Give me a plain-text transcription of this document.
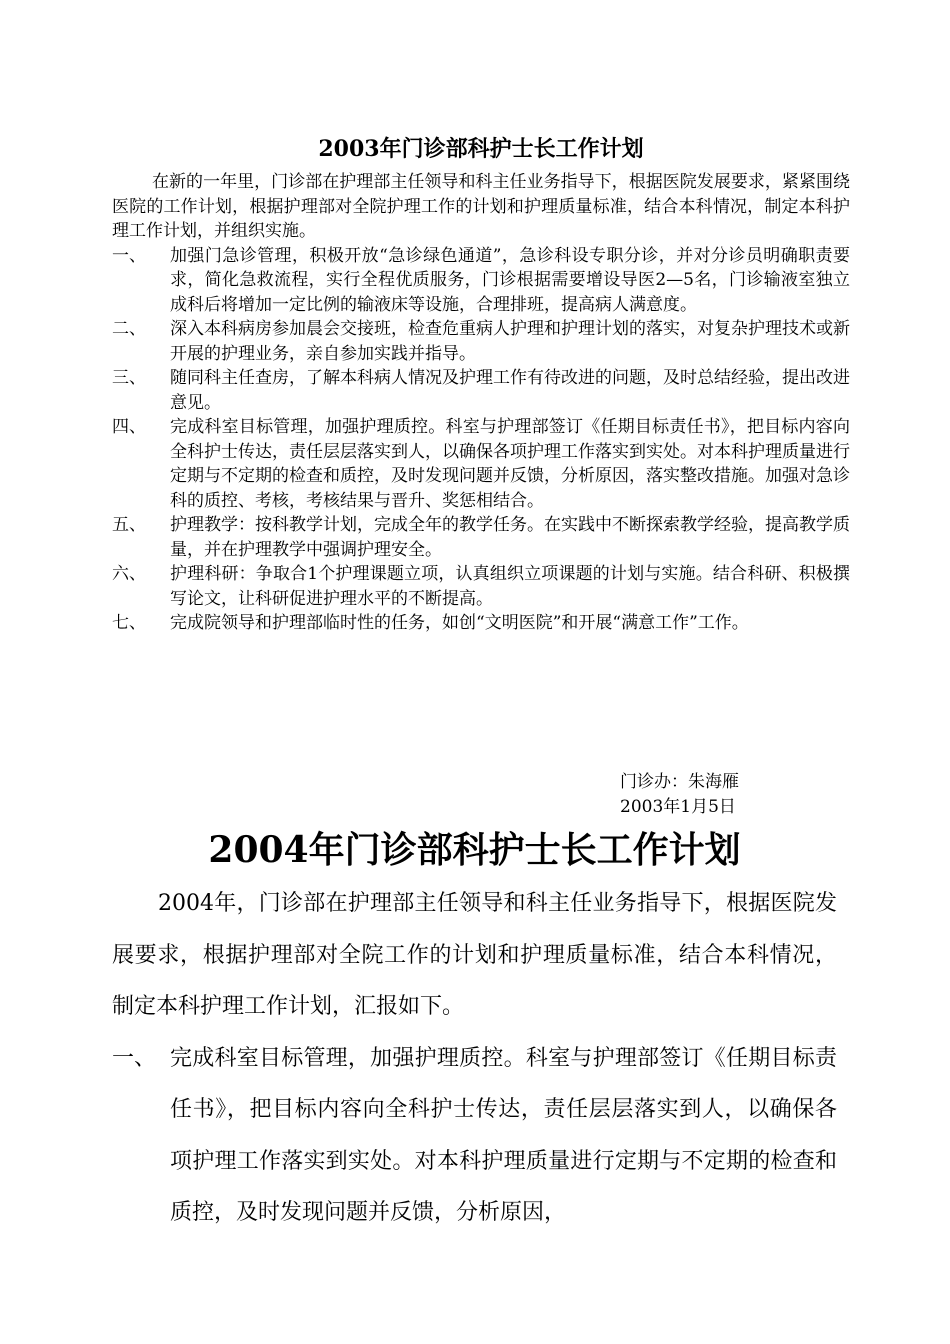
2003年门诊部科护士长工作计划

在新的一年里，门诊部在护理部主任领导和科主任业务指导下，根据医院发展要求，紧紧围绕医院的工作计划，根据护理部对全院护理工作的计划和护理质量标准，结合本科情况，制定本科护理工作计划，并组织实施。

一、	加强门急诊管理，积极开放“急诊绿色通道”，急诊科设专职分诊，并对分诊员明确职责要求，简化急救流程，实行全程优质服务，门诊根据需要增设导医2—5名，门诊输液室独立成科后将增加一定比例的输液床等设施，合理排班，提高病人满意度。
二、	深入本科病房参加晨会交接班，检查危重病人护理和护理计划的落实，对复杂护理技术或新开展的护理业务，亲自参加实践并指导。
三、	随同科主任查房，了解本科病人情况及护理工作有待改进的问题，及时总结经验，提出改进意见。
四、	完成科室目标管理，加强护理质控。科室与护理部签订《任期目标责任书》，把目标内容向全科护士传达，责任层层落实到人，以确保各项护理工作落实到实处。对本科护理质量进行定期与不定期的检查和质控，及时发现问题并反馈，分析原因，落实整改措施。加强对急诊科的质控、考核，考核结果与晋升、奖惩相结合。
五、	护理教学：按科教学计划，完成全年的教学任务。在实践中不断探索教学经验，提高教学质量，并在护理教学中强调护理安全。
六、	护理科研：争取合1个护理课题立项，认真组织立项课题的计划与实施。结合科研、积极撰写论文，让科研促进护理水平的不断提高。
七、	完成院领导和护理部临时性的任务，如创“文明医院”和开展“满意工作”工作。
门诊办：朱海雁
2003年1月5日
2004年门诊部科护士长工作计划

2004年，门诊部在护理部主任领导和科主任业务指导下，根据医院发展要求，根据护理部对全院工作的计划和护理质量标准，结合本科情况，制定本科护理工作计划，汇报如下。

一、 完成科室目标管理，加强护理质控。科室与护理部签订《任期目标责任书》，把目标内容向全科护士传达，责任层层落实到人，以确保各项护理工作落实到实处。对本科护理质量进行定期与不定期的检查和质控，及时发现问题并反馈，分析原因，
